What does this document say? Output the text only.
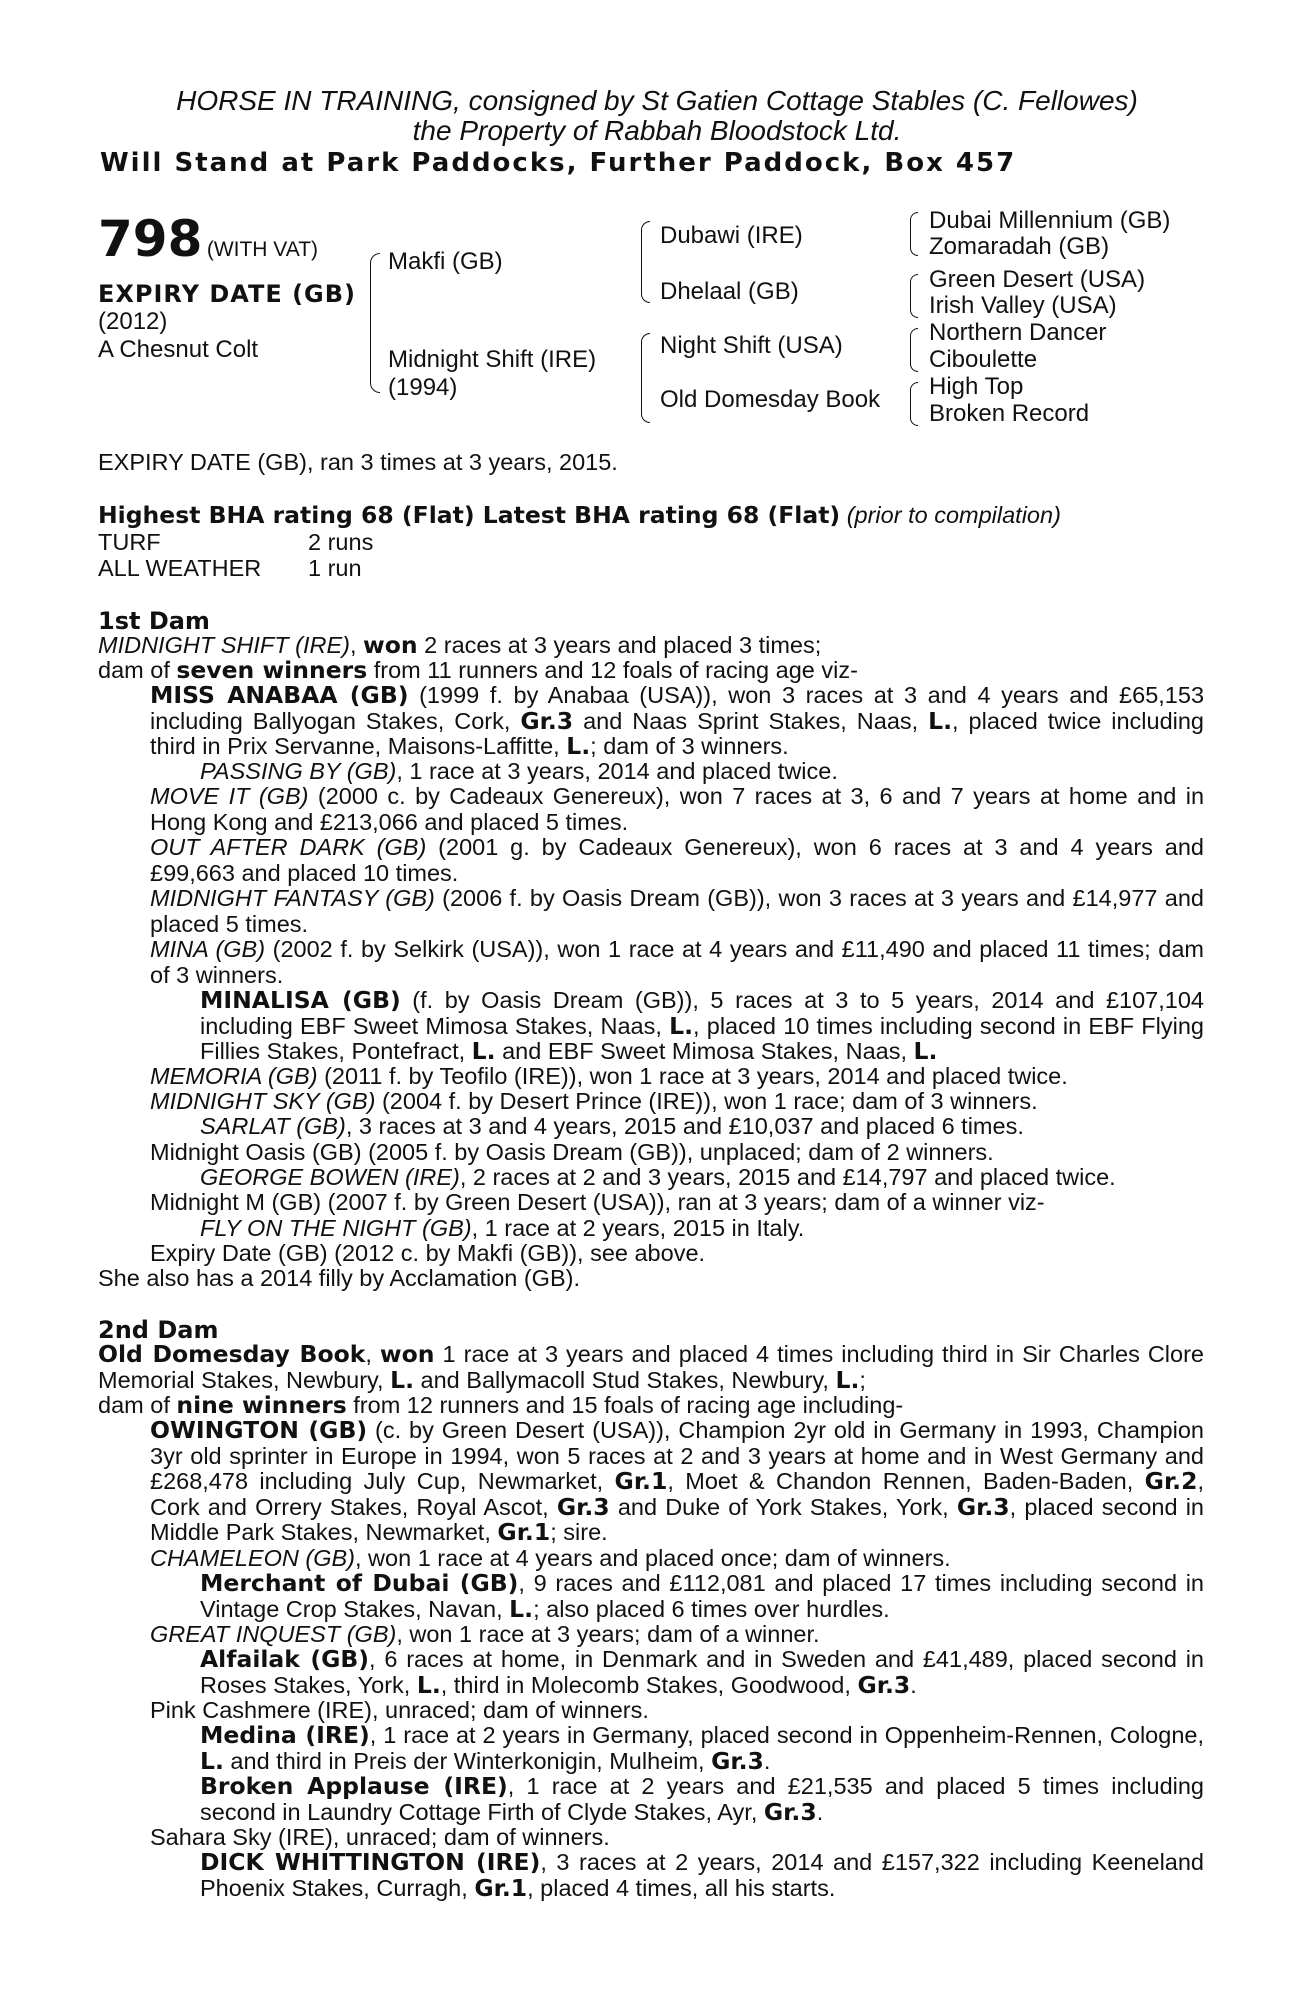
HORSE IN TRAINING, consigned by St Gatien Cottage Stables (C. Fellowes)
the Property of Rabbah Bloodstock Ltd.
Will Stand at Park Paddocks, Further Paddock, Box 457
798 (WITH VAT)
EXPIRY DATE (GB)
(2012)
A Chesnut Colt
Makfi (GB)
Midnight Shift (IRE)
(1994)
Dubawi (IRE)
Dhelaal (GB)
Night Shift (USA)
Old Domesday Book
Dubai Millennium (GB)
Zomaradah (GB)
Green Desert (USA)
Irish Valley (USA)
Northern Dancer
Ciboulette
High Top
Broken Record
EXPIRY DATE (GB), ran 3 times at 3 years, 2015.
Highest BHA rating 68 (Flat) Latest BHA rating 68 (Flat) (prior to compilation)
TURF	2 runs
ALL WEATHER 1 run
1st Dam
MIDNIGHT SHIFT (IRE), won 2 races at 3 years and placed 3 times;
dam of seven winners from 11 runners and 12 foals of racing age viz-
MISS ANABAA (GB) (1999 f. by Anabaa (USA)), won 3 races at 3 and 4 years and £65,153 including Ballyogan Stakes, Cork, Gr.3 and Naas Sprint Stakes, Naas, L., placed twice including third in Prix Servanne, Maisons-Laffitte, L.; dam of 3 winners.
PASSING BY (GB), 1 race at 3 years, 2014 and placed twice.
MOVE IT (GB) (2000 c. by Cadeaux Genereux), won 7 races at 3, 6 and 7 years at home and in Hong Kong and £213,066 and placed 5 times.
OUT AFTER DARK (GB) (2001 g. by Cadeaux Genereux), won 6 races at 3 and 4 years and £99,663 and placed 10 times.
MIDNIGHT FANTASY (GB) (2006 f. by Oasis Dream (GB)), won 3 races at 3 years and £14,977 and placed 5 times.
MINA (GB) (2002 f. by Selkirk (USA)), won 1 race at 4 years and £11,490 and placed 11 times; dam of 3 winners.
MINALISA (GB) (f. by Oasis Dream (GB)), 5 races at 3 to 5 years, 2014 and £107,104 including EBF Sweet Mimosa Stakes, Naas, L., placed 10 times including second in EBF Flying Fillies Stakes, Pontefract, L. and EBF Sweet Mimosa Stakes, Naas, L.
MEMORIA (GB) (2011 f. by Teofilo (IRE)), won 1 race at 3 years, 2014 and placed twice.
MIDNIGHT SKY (GB) (2004 f. by Desert Prince (IRE)), won 1 race; dam of 3 winners.
SARLAT (GB), 3 races at 3 and 4 years, 2015 and £10,037 and placed 6 times.
Midnight Oasis (GB) (2005 f. by Oasis Dream (GB)), unplaced; dam of 2 winners.
GEORGE BOWEN (IRE), 2 races at 2 and 3 years, 2015 and £14,797 and placed twice.
Midnight M (GB) (2007 f. by Green Desert (USA)), ran at 3 years; dam of a winner viz-
FLY ON THE NIGHT (GB), 1 race at 2 years, 2015 in Italy.
Expiry Date (GB) (2012 c. by Makfi (GB)), see above.
She also has a 2014 filly by Acclamation (GB).
2nd Dam
Old Domesday Book, won 1 race at 3 years and placed 4 times including third in Sir Charles Clore Memorial Stakes, Newbury, L. and Ballymacoll Stud Stakes, Newbury, L.;
dam of nine winners from 12 runners and 15 foals of racing age including-
OWINGTON (GB) (c. by Green Desert (USA)), Champion 2yr old in Germany in 1993, Champion 3yr old sprinter in Europe in 1994, won 5 races at 2 and 3 years at home and in West Germany and £268,478 including July Cup, Newmarket, Gr.1, Moet & Chandon Rennen, Baden-Baden, Gr.2, Cork and Orrery Stakes, Royal Ascot, Gr.3 and Duke of York Stakes, York, Gr.3, placed second in Middle Park Stakes, Newmarket, Gr.1; sire.
CHAMELEON (GB), won 1 race at 4 years and placed once; dam of winners.
Merchant of Dubai (GB), 9 races and £112,081 and placed 17 times including second in Vintage Crop Stakes, Navan, L.; also placed 6 times over hurdles.
GREAT INQUEST (GB), won 1 race at 3 years; dam of a winner.
Alfailak (GB), 6 races at home, in Denmark and in Sweden and £41,489, placed second in Roses Stakes, York, L., third in Molecomb Stakes, Goodwood, Gr.3.
Pink Cashmere (IRE), unraced; dam of winners.
Medina (IRE), 1 race at 2 years in Germany, placed second in Oppenheim-Rennen, Cologne, L. and third in Preis der Winterkonigin, Mulheim, Gr.3.
Broken Applause (IRE), 1 race at 2 years and £21,535 and placed 5 times including second in Laundry Cottage Firth of Clyde Stakes, Ayr, Gr.3.
Sahara Sky (IRE), unraced; dam of winners.
DICK WHITTINGTON (IRE), 3 races at 2 years, 2014 and £157,322 including Keeneland Phoenix Stakes, Curragh, Gr.1, placed 4 times, all his starts.
